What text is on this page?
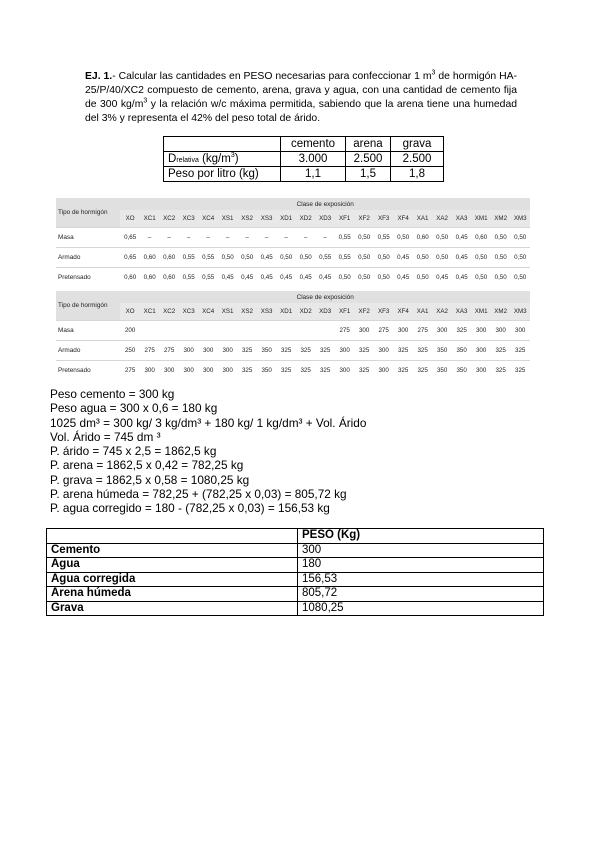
EJ. 1.- Calcular las cantidades en PESO necesarias para confeccionar 1 $m^3$ de hormigón HA-25/P/40/XC2 compuesto de cemento, arena, grava y agua, con una cantidad de cemento fija de 300 $kg/m^3$ y la relación w/c máxima permitida, sabiendo que la arena tiene una humedad del 3% y representa el 42% del peso total de árido.
	cemento	arena	grava
Drelativa $(kg/m^3)$	3.000	2.500	2.500
Peso por litro (kg)	1,1	1,5	1,8
Tipo de hormigón	Clase de exposición																				
	XO	XC1	XC2	XC3	XC4	XS1	XS2	XS3	XD1	XD2	XD3	XF1	XF2	XF3	XF4	XA1	XA2	XA3	XM1	XM2	XM3
Masa	0,65	–	–	–	–	–	–	–	–	–	–	0,55	0,50	0,55	0,50	0,60	0,50	0,45	0,60	0,50	0,50
Armado	0,65	0,60	0,60	0,55	0,55	0,50	0,50	0,45	0,50	0,50	0,55	0,55	0,50	0,50	0,45	0,50	0,50	0,45	0,50	0,50	0,50
Pretensado	0,60	0,60	0,60	0,55	0,55	0,45	0,45	0,45	0,45	0,45	0,45	0,50	0,50	0,50	0,45	0,50	0,45	0,45	0,50	0,50	0,50
Tipo de hormigón	Clase de exposición																				
	XO	XC1	XC2	XC3	XC4	XS1	XS2	XS3	XD1	XD2	XD3	XF1	XF2	XF3	XF4	XA1	XA2	XA3	XM1	XM2	XM3
Masa	200											275	300	275	300	275	300	325	300	300	300
Armado	250	275	275	300	300	300	325	350	325	325	325	300	325	300	325	325	350	350	300	325	325
Pretensado	275	300	300	300	300	300	325	350	325	325	325	300	325	300	325	325	350	350	300	325	325
Peso cemento = 300 kg
Peso agua = 300 x 0,6 = 180 kg
1025 dm³ = 300 kg/ 3 kg/dm³ + 180 kg/ 1 kg/dm³ + Vol. Árido
Vol. Árido = 745 dm ³
P. árido = 745 x 2,5 = 1862,5 kg
P. arena = 1862,5 x 0,42 = 782,25 kg
P. grava = 1862,5 x 0,58 = 1080,25 kg
P. arena húmeda = 782,25 + (782,25 x 0,03) = 805,72 kg
P. agua corregido = 180 - (782,25 x 0,03) = 156,53 kg
	PESO (Kg)
Cemento	300
Agua	180
Agua corregida	156,53
Arena húmeda	805,72
Grava	1080,25
